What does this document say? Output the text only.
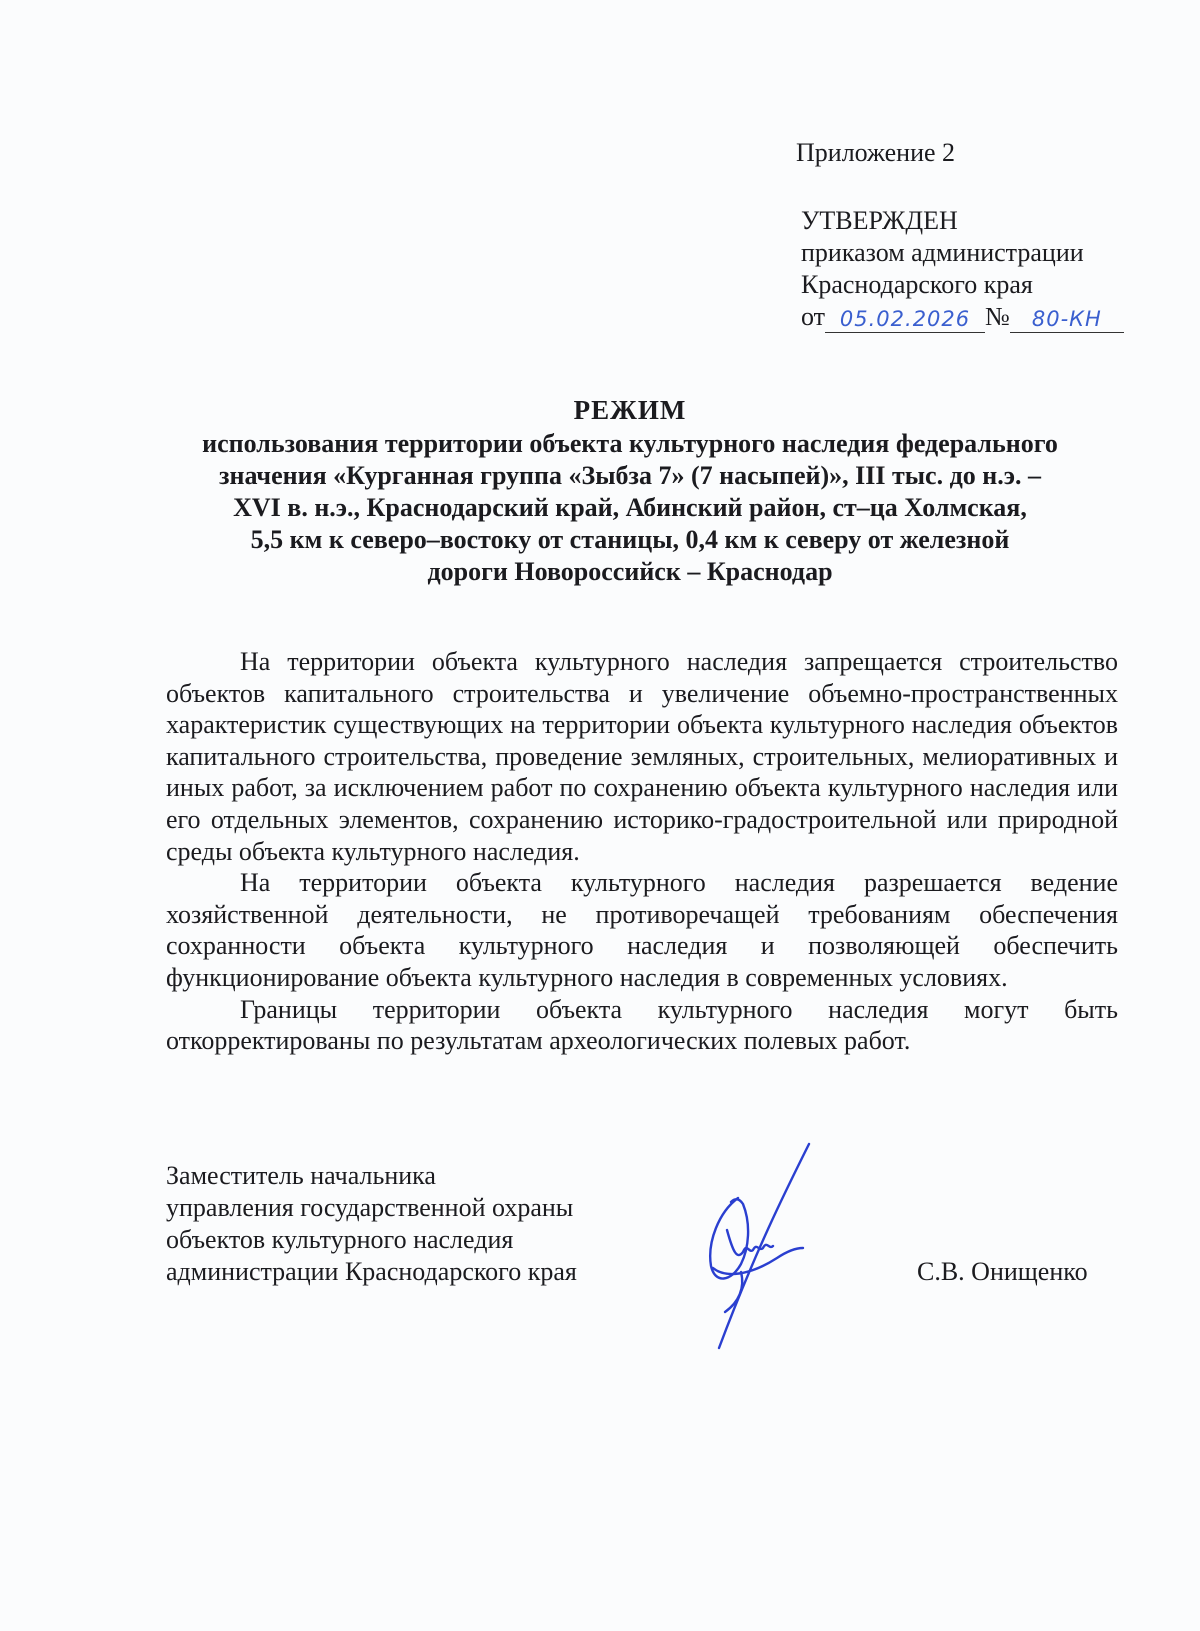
Приложение 2
УТВЕРЖДЕН
приказом администрации
Краснодарского края
от 05.02.2026 №	80-КН
РЕЖИМ
использования территории объекта культурного наследия федерального
значения «Курганная группа «Зыбза 7» (7 насыпей)», III тыс. до н.э. –
XVI в. н.э., Краснодарский край, Абинский район, ст–ца Холмская,
5,5 км к северо–востоку от станицы, 0,4 км к северу от железной
дороги Новороссийск – Краснодар

На территории объекта культурного наследия запрещается строительство объектов капитального строительства и увеличение объемно-пространственных характеристик существующих на территории объекта культурного наследия объектов капитального строительства, проведение земляных, строительных, мелиоративных и иных работ, за исключением работ по сохранению объекта культурного наследия или его отдельных элементов, сохранению историко-градостроительной или природной среды объекта культурного наследия.

На территории объекта культурного наследия разрешается ведение хозяйственной деятельности, не противоречащей требованиям обеспечения сохранности объекта культурного наследия и позволяющей обеспечить функционирование объекта культурного наследия в современных условиях.

Границы территории объекта культурного наследия могут быть откорректированы по результатам археологических полевых работ.

Заместитель начальника
управления государственной охраны
объектов культурного наследия
администрации Краснодарского края	С.В. Онищенко
